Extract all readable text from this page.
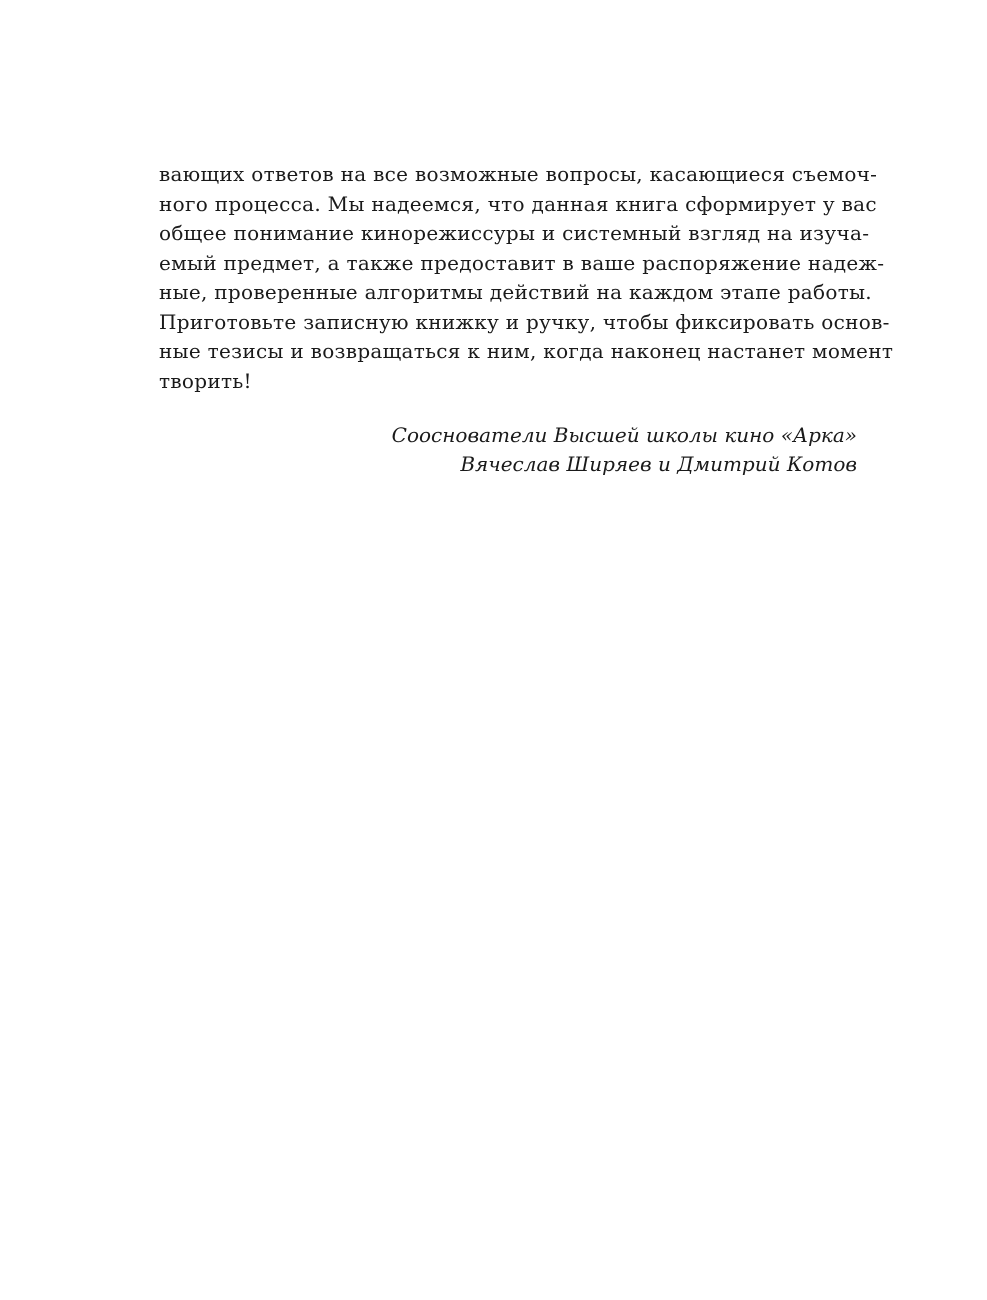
вающих ответов на все возможные вопросы, касающиеся съемоч-
ного процесса. Мы надеемся, что данная книга сформирует у вас
общее понимание кинорежиссуры и системный взгляд на изуча-
емый предмет, а также предоставит в ваше распоряжение надеж-
ные, проверенные алгоритмы действий на каждом этапе работы.
Приготовьте записную книжку и ручку, чтобы фиксировать основ-
ные тезисы и возвращаться к ним, когда наконец настанет момент
творить!
Сооснователи Высшей школы кино «Арка»
Вячеслав Ширяев и Дмитрий Котов
